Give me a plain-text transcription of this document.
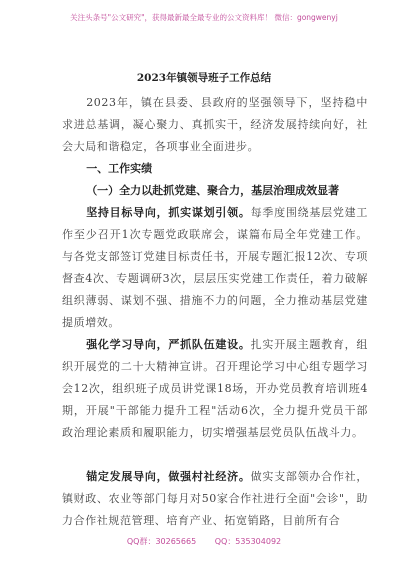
关注头条号"公文研究"，获得最新最全最专业的公文资料库！ 微信：gongwenyj
2023年镇领导班子工作总结
2023年，镇在县委、县政府的坚强领导下，坚持稳中求进总基调，凝心聚力、真抓实干，经济发展持续向好，社会大局和谐稳定，各项事业全面进步。
一、工作实绩
（一）全力以赴抓党建、聚合力，基层治理成效显著
坚持目标导向，抓实谋划引领。每季度围绕基层党建工作至少召开1次专题党政联席会，谋篇布局全年党建工作。与各党支部签订党建目标责任书，开展专题汇报12次、专项督查4次、专题调研3次，层层压实党建工作责任，着力破解组织薄弱、谋划不强、措施不力的问题，全力推动基层党建提质增效。
强化学习导向，严抓队伍建设。扎实开展主题教育，组织开展党的二十大精神宣讲。召开理论学习中心组专题学习会12次，组织班子成员讲党课18场，开办党员教育培训班4期，开展"干部能力提升工程"活动6次，全力提升党员干部政治理论素质和履职能力，切实增强基层党员队伍战斗力。
锚定发展导向，做强村社经济。做实支部领办合作社，镇财政、农业等部门每月对50家合作社进行全面"会诊"，助力合作社规范管理、培育产业、拓宽销路，目前所有合
QQ群：30265665 QQ：535304092
